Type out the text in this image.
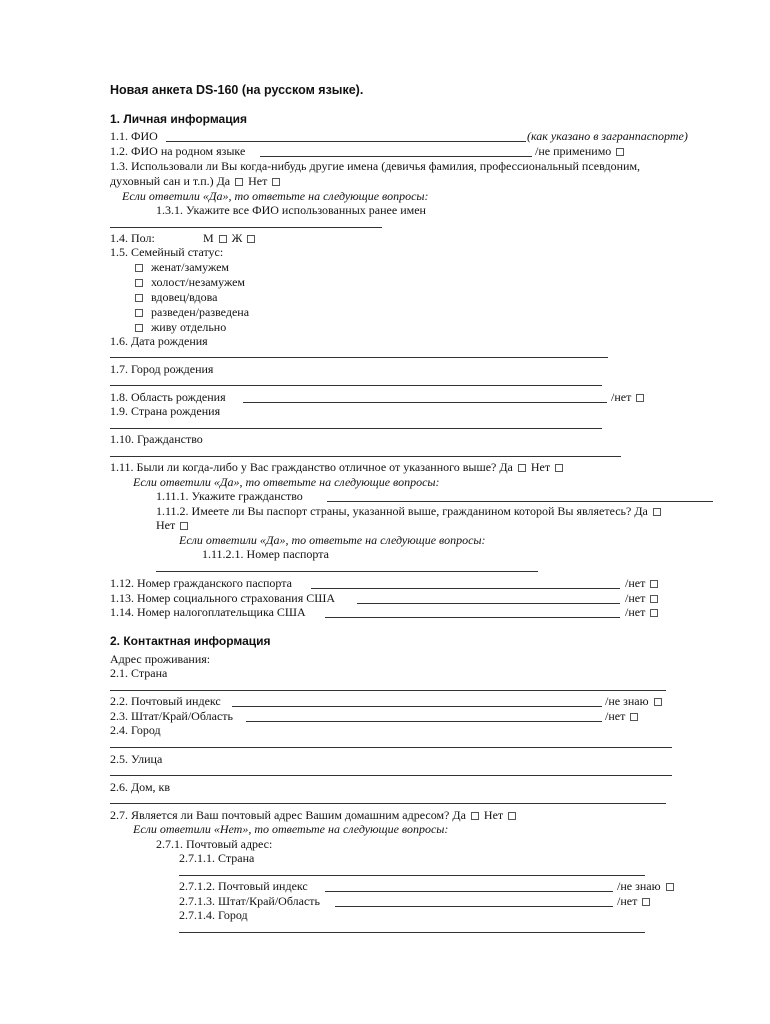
Новая анкета DS-160 (на русском языке).
1. Личная информация
1.1. ФИО	(как указано в загранпаспорте)
1.2. ФИО на родном языке	/не применимо
1.3. Использовали ли Вы когда-нибудь другие имена (девичья фамилия, профессиональный псевдоним,
духовный сан и т.п.) Да Нет
Если ответили «Да», то ответьте на следующие вопросы:
1.3.1. Укажите все ФИО использованных ранее имен
1.4. Пол:	М Ж
1.5. Семейный статус:
женат/замужем
холост/незамужем
вдовец/вдова
разведен/разведена
живу отдельно
1.6. Дата рождения
1.7. Город рождения
1.8. Область рождения	/нет
1.9. Страна рождения
1.10. Гражданство
1.11. Были ли когда-либо у Вас гражданство отличное от указанного выше? Да Нет
Если ответили «Да», то ответьте на следующие вопросы:
1.11.1. Укажите гражданство
1.11.2. Имеете ли Вы паспорт страны, указанной выше, гражданином которой Вы являетесь? Да
Нет
Если ответили «Да», то ответьте на следующие вопросы:
1.11.2.1. Номер паспорта
1.12. Номер гражданского паспорта	/нет
1.13. Номер социального страхования США	/нет
1.14. Номер налогоплательщика США	/нет
2. Контактная информация
Адрес проживания:
2.1. Страна
2.2. Почтовый индекс	/не знаю
2.3. Штат/Край/Область	/нет
2.4. Город
2.5. Улица
2.6. Дом, кв
2.7. Является ли Ваш почтовый адрес Вашим домашним адресом? Да Нет
Если ответили «Нет», то ответьте на следующие вопросы:
2.7.1. Почтовый адрес:
2.7.1.1. Страна
2.7.1.2. Почтовый индекс	/не знаю
2.7.1.3. Штат/Край/Область	/нет
2.7.1.4. Город
